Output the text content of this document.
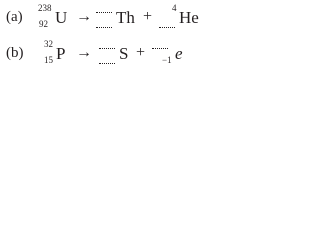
(a)
238
92 U → Th + 4 He
(b)
32
15 P → S + −1 e
